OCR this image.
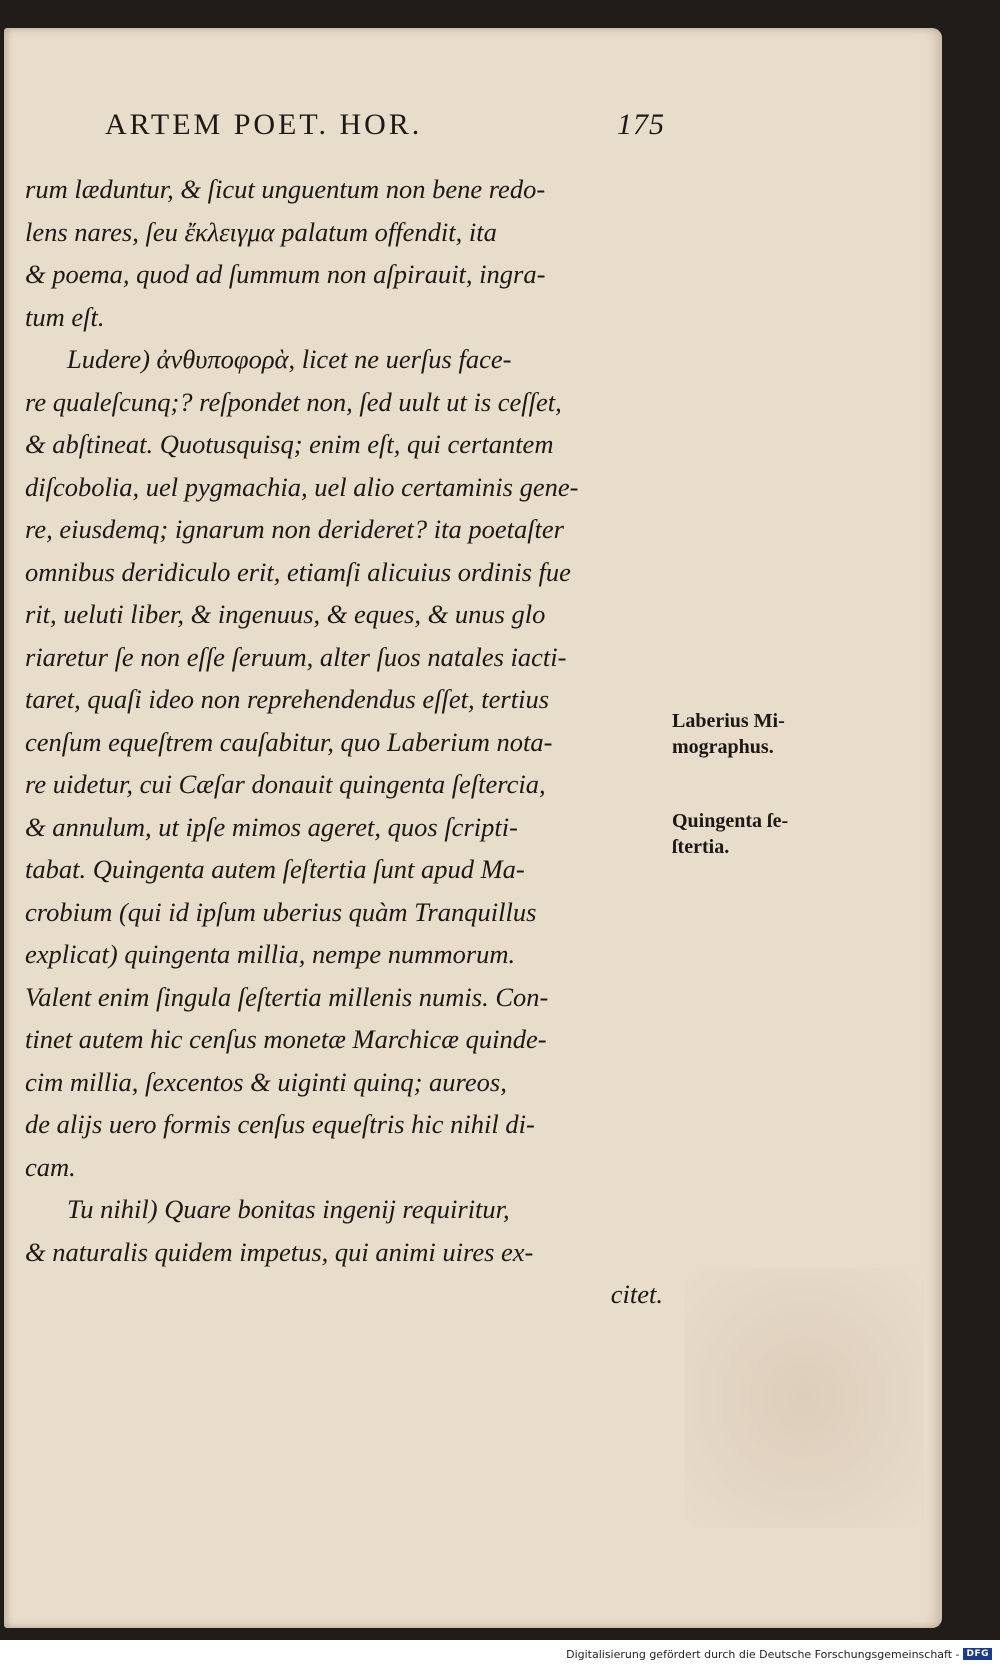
ARTEM POET. HOR.	175
rum læduntur, & ſicut unguentum non bene redo-
lens nares, ſeu ἔκλειγμα palatum offendit, ita
& poema, quod ad ſummum non aſpirauit, ingra-
tum eſt.
Ludere) ἀνθυποφορὰ, licet ne uerſus face-
re qualeſcunq;? reſpondet non, ſed uult ut is ceſſet,
& abſtineat. Quotusquisq; enim eſt, qui certantem
diſcobolia, uel pygmachia, uel alio certaminis gene-
re, eiusdemq; ignarum non derideret? ita poetaſter
omnibus deridiculo erit, etiamſi alicuius ordinis fue
rit, ueluti liber, & ingenuus, & eques, & unus glo
riaretur ſe non eſſe ſeruum, alter ſuos natales iacti-
taret, quaſi ideo non reprehendendus eſſet, tertius
cenſum equeſtrem cauſabitur, quo Laberium nota-
re uidetur, cui Cæſar donauit quingenta ſeſtercia,
& annulum, ut ipſe mimos ageret, quos ſcripti-
tabat. Quingenta autem ſeſtertia ſunt apud Ma-
crobium (qui id ipſum uberius quàm Tranquillus
explicat) quingenta millia, nempe nummorum.
Valent enim ſingula ſeſtertia millenis numis. Con-
tinet autem hic cenſus monetæ Marchicæ quinde-
cim millia, ſexcentos & uiginti quinq; aureos,
de alijs uero formis cenſus equeſtris hic nihil di-
cam.
Tu nihil) Quare bonitas ingenij requiritur,
& naturalis quidem impetus, qui animi uires ex-
citet.
Laberius Mi-
mographus.
Quingenta ſe-
ſtertia.
Digitalisierung gefördert durch die Deutsche Forschungsgemeinschaft - DFG
